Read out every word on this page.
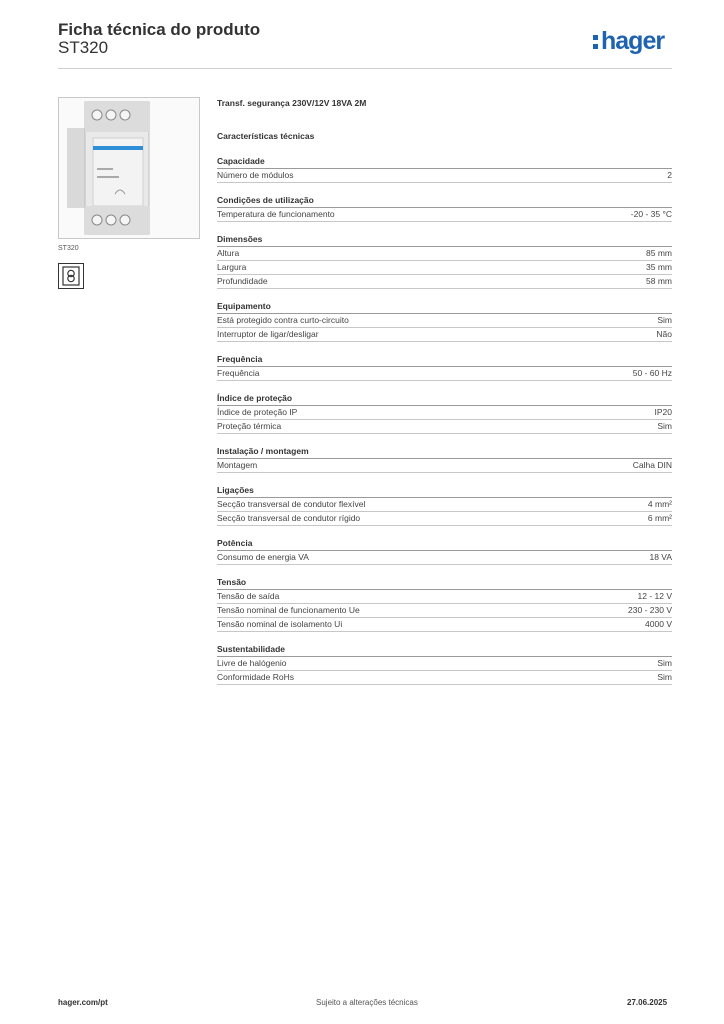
Ficha técnica do produto
ST320	hager
ST320
Transf. segurança 230V/12V 18VA 2M
Características técnicas
Capacidade
Número de módulos	2
Condições de utilização
Temperatura de funcionamento	-20 - 35 °C
Dimensões
Altura	85 mm
Largura	35 mm
Profundidade	58 mm
Equipamento
Está protegido contra curto-circuito	Sim
Interruptor de ligar/desligar	Não
Frequência
Frequência	50 - 60 Hz
Índice de proteção
Índice de proteção IP	IP20
Proteção térmica	Sim
Instalação / montagem
Montagem	Calha DIN
Ligações
Secção transversal de condutor flexível	4 mm²
Secção transversal de condutor rígido	6 mm²
Potência
Consumo de energia VA	18 VA
Tensão
Tensão de saída	12 - 12 V
Tensão nominal de funcionamento Ue	230 - 230 V
Tensão nominal de isolamento Ui	4000 V
Sustentabilidade
Livre de halógenio	Sim
Conformidade RoHs	Sim
hager.com/pt	Sujeito a alterações técnicas	27.06.2025
